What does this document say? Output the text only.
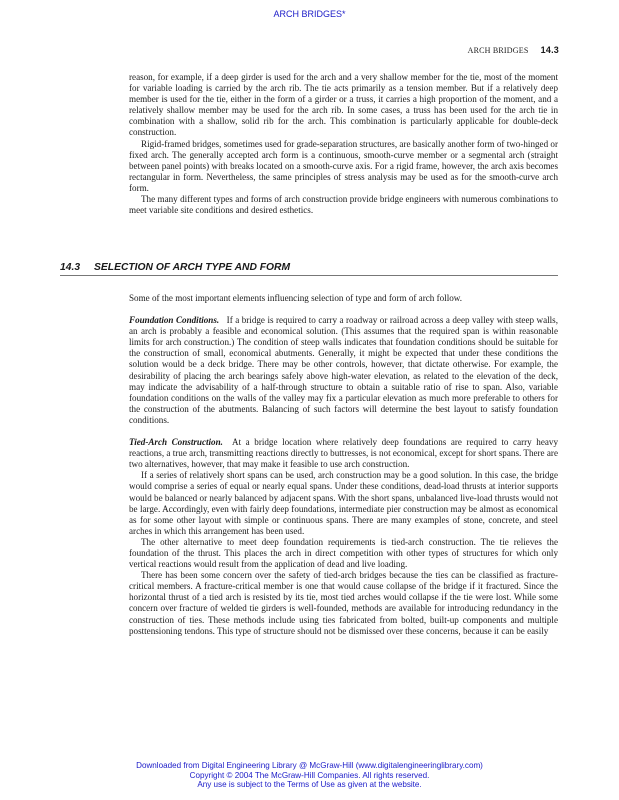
ARCH BRIDGES*
ARCH BRIDGES 14.3

reason, for example, if a deep girder is used for the arch and a very shallow member for the tie, most of the moment for variable loading is carried by the arch rib. The tie acts primarily as a tension member. But if a relatively deep member is used for the tie, either in the form of a girder or a truss, it carries a high proportion of the moment, and a relatively shallow member may be used for the arch rib. In some cases, a truss has been used for the arch tie in combination with a shallow, solid rib for the arch. This combination is particularly applicable for double-deck construction.

Rigid-framed bridges, sometimes used for grade-separation structures, are basically another form of two-hinged or fixed arch. The generally accepted arch form is a continuous, smooth-curve member or a segmental arch (straight between panel points) with breaks located on a smooth-curve axis. For a rigid frame, however, the arch axis becomes rectangular in form. Nevertheless, the same principles of stress analysis may be used as for the smooth-curve arch form.

The many different types and forms of arch construction provide bridge engineers with numerous combinations to meet variable site conditions and desired esthetics.

14.3 SELECTION OF ARCH TYPE AND FORM

Some of the most important elements influencing selection of type and form of arch follow.

Foundation Conditions. If a bridge is required to carry a roadway or railroad across a deep valley with steep walls, an arch is probably a feasible and economical solution. (This assumes that the required span is within reasonable limits for arch construction.) The condition of steep walls indicates that foundation conditions should be suitable for the construction of small, economical abutments. Generally, it might be expected that under these conditions the solution would be a deck bridge. There may be other controls, however, that dictate otherwise. For example, the desirability of placing the arch bearings safely above high-water elevation, as related to the elevation of the deck, may indicate the advisability of a half-through structure to obtain a suitable ratio of rise to span. Also, variable foundation conditions on the walls of the valley may fix a particular elevation as much more preferable to others for the construction of the abutments. Balancing of such factors will determine the best layout to satisfy foundation conditions.

Tied-Arch Construction. At a bridge location where relatively deep foundations are required to carry heavy reactions, a true arch, transmitting reactions directly to buttresses, is not economical, except for short spans. There are two alternatives, however, that may make it feasible to use arch construction.

If a series of relatively short spans can be used, arch construction may be a good solution. In this case, the bridge would comprise a series of equal or nearly equal spans. Under these conditions, dead-load thrusts at interior supports would be balanced or nearly balanced by adjacent spans. With the short spans, unbalanced live-load thrusts would not be large. Accordingly, even with fairly deep foundations, intermediate pier construction may be almost as economical as for some other layout with simple or continuous spans. There are many examples of stone, concrete, and steel arches in which this arrangement has been used.

The other alternative to meet deep foundation requirements is tied-arch construction. The tie relieves the foundation of the thrust. This places the arch in direct competition with other types of structures for which only vertical reactions would result from the application of dead and live loading.

There has been some concern over the safety of tied-arch bridges because the ties can be classified as fracture-critical members. A fracture-critical member is one that would cause collapse of the bridge if it fractured. Since the horizontal thrust of a tied arch is resisted by its tie, most tied arches would collapse if the tie were lost. While some concern over fracture of welded tie girders is well-founded, methods are available for introducing redundancy in the construction of ties. These methods include using ties fabricated from bolted, built-up components and multiple posttensioning tendons. This type of structure should not be dismissed over these concerns, because it can be easily

Downloaded from Digital Engineering Library @ McGraw-Hill (www.digitalengineeringlibrary.com)
Copyright © 2004 The McGraw-Hill Companies. All rights reserved.
Any use is subject to the Terms of Use as given at the website.
